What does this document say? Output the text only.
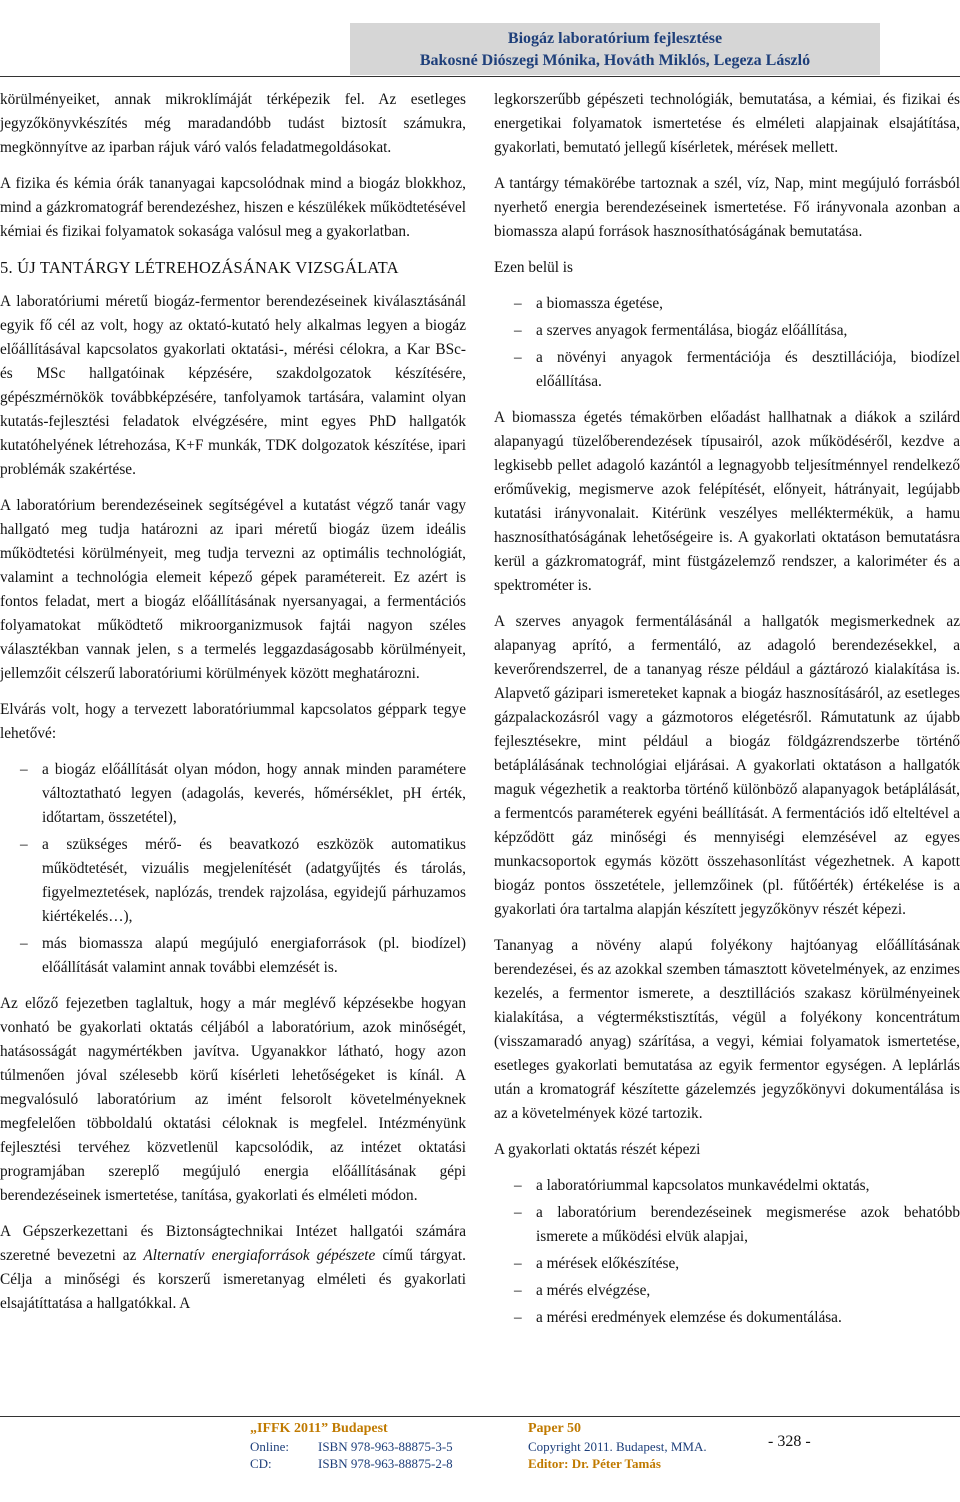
Biogáz laboratórium fejlesztése
Bakosné Diószegi Mónika, Hováth Miklós, Legeza László

körülményeiket, annak mikroklímáját térképezik fel. Az esetleges jegyzőkönyvkészítés még maradandóbb tudást biztosít számukra, megkönnyítve az iparban rájuk váró valós feladatmegoldásokat.

A fizika és kémia órák tananyagai kapcsolódnak mind a biogáz blokkhoz, mind a gázkromatográf berendezéshez, hiszen e készülékek működtetésével kémiai és fizikai folyamatok sokasága valósul meg a gyakorlatban.

5. ÚJ TANTÁRGY LÉTREHOZÁSÁNAK VIZSGÁLATA

A laboratóriumi méretű biogáz-fermentor berendezéseinek kiválasztásánál egyik fő cél az volt, hogy az oktató-kutató hely alkalmas legyen a biogáz előállításával kapcsolatos gyakorlati oktatási-, mérési célokra, a Kar BSc- és MSc hallgatóinak képzésére, szakdolgozatok készítésére, gépészmérnökök továbbképzésére, tanfolyamok tartására, valamint olyan kutatás-fejlesztési feladatok elvégzésére, mint egyes PhD hallgatók kutatóhelyének létrehozása, K+F munkák, TDK dolgozatok készítése, ipari problémák szakértése.

A laboratórium berendezéseinek segítségével a kutatást végző tanár vagy hallgató meg tudja határozni az ipari méretű biogáz üzem ideális működtetési körülményeit, meg tudja tervezni az optimális technológiát, valamint a technológia elemeit képező gépek paramétereit. Ez azért is fontos feladat, mert a biogáz előállításának nyersanyagai, a fermentációs folyamatokat működtető mikroorganizmusok fajtái nagyon széles választékban vannak jelen, s a termelés leggazdaságosabb körülményeit, jellemzőit célszerű laboratóriumi körülmények között meghatározni.

Elvárás volt, hogy a tervezett laboratóriummal kapcsolatos géppark tegye lehetővé:

– a biogáz előállítását olyan módon, hogy annak minden paramétere változtatható legyen (adagolás, keverés, hőmérséklet, pH érték, időtartam, összetétel),
– a szükséges mérő- és beavatkozó eszközök automatikus működtetését, vizuális megjelenítését (adatgyűjtés és tárolás, figyelmeztetések, naplózás, trendek rajzolása, egyidejű párhuzamos kiértékelés…),
– más biomassza alapú megújuló energiaforrások (pl. biodízel) előállítását valamint annak további elemzését is.

Az előző fejezetben taglaltuk, hogy a már meglévő képzésekbe hogyan vonható be gyakorlati oktatás céljából a laboratórium, azok minőségét, hatásosságát nagymértékben javítva. Ugyanakkor látható, hogy azon túlmenően jóval szélesebb körű kísérleti lehetőségeket is kínál. A megvalósuló laboratórium az imént felsorolt követelményeknek megfelelően többoldalú oktatási céloknak is megfelel. Intézményünk fejlesztési tervéhez közvetlenül kapcsolódik, az intézet oktatási programjában szereplő megújuló energia előállításának gépi berendezéseinek ismertetése, tanítása, gyakorlati és elméleti módon.

A Gépszerkezettani és Biztonságtechnikai Intézet hallgatói számára szeretné bevezetni az Alternatív energiaforrások gépészete című tárgyat. Célja a minőségi és korszerű ismeretanyag elméleti és gyakorlati elsajátíttatása a hallgatókkal. A

legkorszerűbb gépészeti technológiák, bemutatása, a kémiai, és fizikai és energetikai folyamatok ismertetése és elméleti alapjainak elsajátítása, gyakorlati, bemutató jellegű kísérletek, mérések mellett.

A tantárgy témakörébe tartoznak a szél, víz, Nap, mint megújuló forrásból nyerhető energia berendezéseinek ismertetése. Fő irányvonala azonban a biomassza alapú források hasznosíthatóságának bemutatása.

Ezen belül is

– a biomassza égetése,
– a szerves anyagok fermentálása, biogáz előállítása,
– a növényi anyagok fermentációja és desztillációja, biodízel előállítása.

A biomassza égetés témakörben előadást hallhatnak a diákok a szilárd alapanyagú tüzelőberendezések típusairól, azok működéséről, kezdve a legkisebb pellet adagoló kazántól a legnagyobb teljesítménnyel rendelkező erőművekig, megismerve azok felépítését, előnyeit, hátrányait, legújabb kutatási irányvonalait. Kitérünk veszélyes melléktermékük, a hamu hasznosíthatóságának lehetőségeire is. A gyakorlati oktatáson bemutatásra kerül a gázkromatográf, mint füstgázelemző rendszer, a kaloriméter és a spektrométer is.

A szerves anyagok fermentálásánál a hallgatók megismerkednek az alapanyag aprító, a fermentáló, az adagoló berendezésekkel, a keverőrendszerrel, de a tananyag része például a gáztározó kialakítása is. Alapvető gázipari ismereteket kapnak a biogáz hasznosításáról, az esetleges gázpalackozásról vagy a gázmotoros elégetésről. Rámutatunk az újabb fejlesztésekre, mint például a biogáz földgázrendszerbe történő betáplálásának technológiai eljárásai. A gyakorlati oktatáson a hallgatók maguk végezhetik a reaktorba történő különböző alapanyagok betáplálását, a fermentcós paraméterek egyéni beállítását. A fermentációs idő elteltével a képződött gáz minőségi és mennyiségi elemzésével az egyes munkacsoportok egymás között összehasonlítást végezhetnek. A kapott biogáz pontos összetétele, jellemzőinek (pl. fűtőérték) értékelése is a gyakorlati óra tartalma alapján készített jegyzőkönyv részét képezi.

Tananyag a növény alapú folyékony hajtóanyag előállításának berendezései, és az azokkal szemben támasztott követelmények, az enzimes kezelés, a fermentor ismerete, a desztillációs szakasz körülményeinek kialakítása, a végtermékstisztítás, végül a folyékony koncentrátum (visszamaradó anyag) szárítása, a vegyi, kémiai folyamatok ismertetése, esetleges gyakorlati bemutatása az egyik fermentor egységen. A leplárlás után a kromatográf készítette gázelemzés jegyzőkönyvi dokumentálása is az a követelmények közé tartozik.

A gyakorlati oktatás részét képezi

– a laboratóriummal kapcsolatos munkavédelmi oktatás,
– a laboratórium berendezéseinek megismerése azok behatóbb ismerete a működési elvük alapjai,
– a mérések előkészítése,
– a mérés elvégzése,
– a mérési eredmények elemzése és dokumentálása.
„IFFK 2011” Budapest
Online: ISBN 978-963-88875-3-5
CD:	ISBN 978-963-88875-2-8
Paper 50
Copyright 2011. Budapest, MMA.
Editor: Dr. Péter Tamás
- 328 -
